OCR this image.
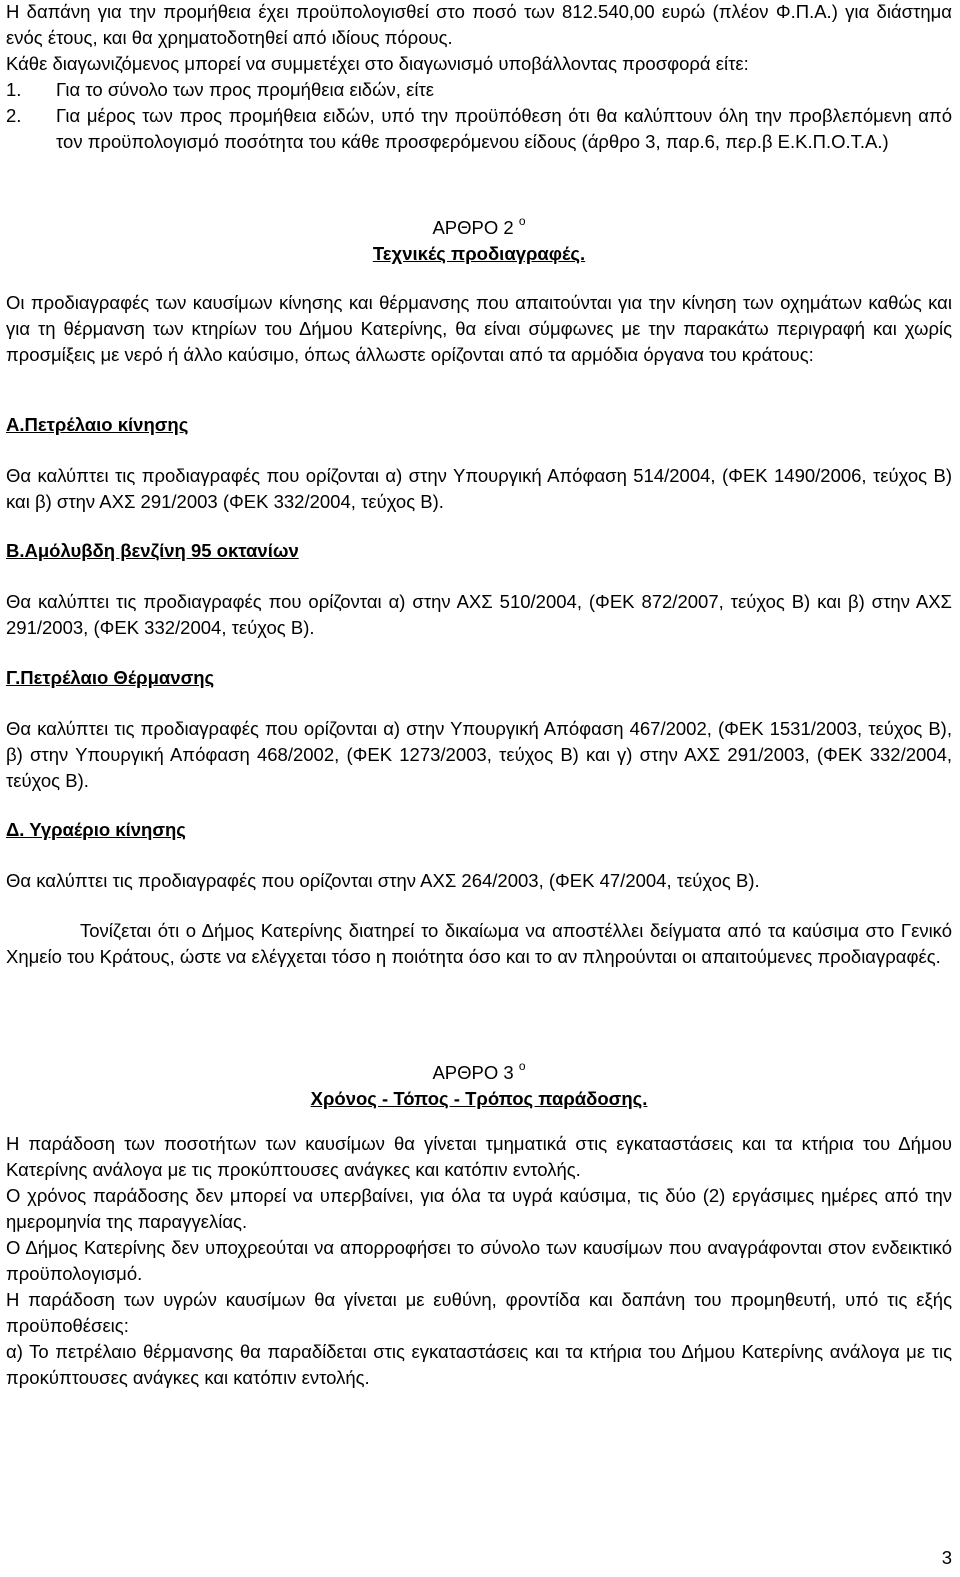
Η δαπάνη για την προμήθεια έχει προϋπολογισθεί στο ποσό των 812.540,00 ευρώ (πλέον Φ.Π.Α.) για διάστημα ενός έτους, και θα χρηματοδοτηθεί από ιδίους πόρους.

Κάθε διαγωνιζόμενος μπορεί να συμμετέχει στο διαγωνισμό υποβάλλοντας προσφορά είτε:

1.	Για το σύνολο των προς προμήθεια ειδών, είτε
2.	Για μέρος των προς προμήθεια ειδών, υπό την προϋπόθεση ότι θα καλύπτουν όλη την προβλεπόμενη από τον προϋπολογισμό ποσότητα του κάθε προσφερόμενου είδους (άρθρο 3, παρ.6, περ.β Ε.Κ.Π.Ο.Τ.Α.)

ΑΡΘΡΟ 2 $^o$

Τεχνικές προδιαγραφές.

Οι προδιαγραφές των καυσίμων κίνησης και θέρμανσης που απαιτούνται για την κίνηση των οχημάτων καθώς και για τη θέρμανση των κτηρίων του Δήμου Κατερίνης, θα είναι σύμφωνες με την παρακάτω περιγραφή και χωρίς προσμίξεις με νερό ή άλλο καύσιμο, όπως άλλωστε ορίζονται από τα αρμόδια όργανα του κράτους:

Α.Πετρέλαιο κίνησης

Θα καλύπτει τις προδιαγραφές που ορίζονται α) στην Υπουργική Απόφαση 514/2004, (ΦΕΚ 1490/2006, τεύχος Β) και β) στην ΑΧΣ 291/2003 (ΦΕΚ 332/2004, τεύχος Β).

Β.Αμόλυβδη βενζίνη 95 οκτανίων

Θα καλύπτει τις προδιαγραφές που ορίζονται α) στην ΑΧΣ 510/2004, (ΦΕΚ 872/2007, τεύχος Β) και β) στην ΑΧΣ 291/2003, (ΦΕΚ 332/2004, τεύχος Β).

Γ.Πετρέλαιο Θέρμανσης

Θα καλύπτει τις προδιαγραφές που ορίζονται α) στην Υπουργική Απόφαση 467/2002, (ΦΕΚ 1531/2003, τεύχος Β), β) στην Υπουργική Απόφαση 468/2002, (ΦΕΚ 1273/2003, τεύχος Β) και γ) στην ΑΧΣ 291/2003, (ΦΕΚ 332/2004, τεύχος Β).

Δ. Υγραέριο κίνησης

Θα καλύπτει τις προδιαγραφές που ορίζονται στην ΑΧΣ 264/2003, (ΦΕΚ 47/2004, τεύχος Β).

Τονίζεται ότι ο Δήμος Κατερίνης διατηρεί το δικαίωμα να αποστέλλει δείγματα από τα καύσιμα στο Γενικό Χημείο του Κράτους, ώστε να ελέγχεται τόσο η ποιότητα όσο και το αν πληρούνται οι απαιτούμενες προδιαγραφές.

ΑΡΘΡΟ 3 $^o$

Χρόνος - Τόπος - Τρόπος παράδοσης.

Η παράδοση των ποσοτήτων των καυσίμων θα γίνεται τμηματικά στις εγκαταστάσεις και τα κτήρια του Δήμου Κατερίνης ανάλογα με τις προκύπτουσες ανάγκες και κατόπιν εντολής.

Ο χρόνος παράδοσης δεν μπορεί να υπερβαίνει, για όλα τα υγρά καύσιμα, τις δύο (2) εργάσιμες ημέρες από την ημερομηνία της παραγγελίας.

Ο Δήμος Κατερίνης δεν υποχρεούται να απορροφήσει το σύνολο των καυσίμων που αναγράφονται στον ενδεικτικό προϋπολογισμό.

Η παράδοση των υγρών καυσίμων θα γίνεται με ευθύνη, φροντίδα και δαπάνη του προμηθευτή, υπό τις εξής προϋποθέσεις:

α) Το πετρέλαιο θέρμανσης θα παραδίδεται στις εγκαταστάσεις και τα κτήρια του Δήμου Κατερίνης ανάλογα με τις προκύπτουσες ανάγκες και κατόπιν εντολής.

3
